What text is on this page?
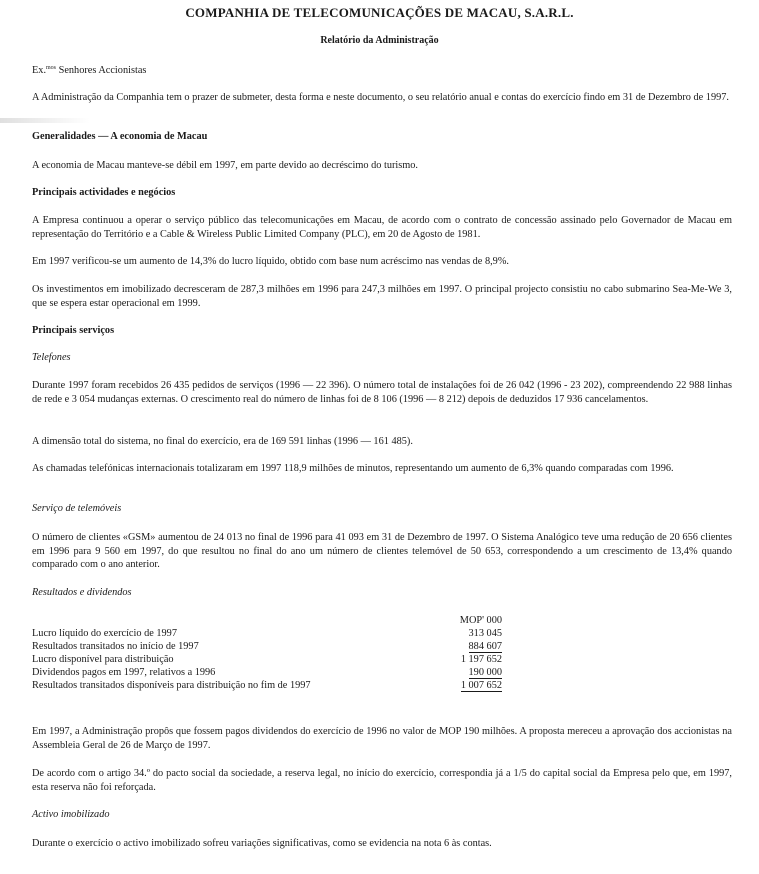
COMPANHIA DE TELECOMUNICAÇÕES DE MACAU, S.A.R.L.
Relatório da Administração
Ex.$^{mos}$ Senhores Accionistas
A Administração da Companhia tem o prazer de submeter, desta forma e neste documento, o seu relatório anual e contas do exercício findo em 31 de Dezembro de 1997.
Generalidades — A economia de Macau
A economia de Macau manteve-se débil em 1997, em parte devido ao decréscimo do turismo.
Principais actividades e negócios
A Empresa continuou a operar o serviço público das telecomunicações em Macau, de acordo com o contrato de concessão assinado pelo Governador de Macau em representação do Território e a Cable & Wireless Public Limited Company (PLC), em 20 de Agosto de 1981.
Em 1997 verificou-se um aumento de 14,3% do lucro líquido, obtido com base num acréscimo nas vendas de 8,9%.
Os investimentos em imobilizado decresceram de 287,3 milhões em 1996 para 247,3 milhões em 1997. O principal projecto consistiu no cabo submarino Sea-Me-We 3, que se espera estar operacional em 1999.
Principais serviços
Telefones
Durante 1997 foram recebidos 26 435 pedidos de serviços (1996 — 22 396). O número total de instalações foi de 26 042 (1996 - 23 202), compreendendo 22 988 linhas de rede e 3 054 mudanças externas. O crescimento real do número de linhas foi de 8 106 (1996 — 8 212) depois de deduzidos 17 936 cancelamentos.
A dimensão total do sistema, no final do exercício, era de 169 591 linhas (1996 — 161 485).
As chamadas telefónicas internacionais totalizaram em 1997 118,9 milhões de minutos, representando um aumento de 6,3% quando comparadas com 1996.
Serviço de telemóveis
O número de clientes «GSM» aumentou de 24 013 no final de 1996 para 41 093 em 31 de Dezembro de 1997. O Sistema Analógico teve uma redução de 20 656 clientes em 1996 para 9 560 em 1997, do que resultou no final do ano um número de clientes telemóvel de 50 653, correspondendo a um crescimento de 13,4% quando comparado com o ano anterior.
Resultados e dividendos
	MOP' 000
Lucro líquido do exercício de 1997	313 045
Resultados transitados no início de 1997	884 607
Lucro disponível para distribuição	1 197 652
Dividendos pagos em 1997, relativos a 1996	190 000
Resultados transitados disponíveis para distribuição no fim de 1997	1 007 652
Em 1997, a Administração propôs que fossem pagos dividendos do exercício de 1996 no valor de MOP 190 milhões. A proposta mereceu a aprovação dos accionistas na Assembleia Geral de 26 de Março de 1997.
De acordo com o artigo 34.º do pacto social da sociedade, a reserva legal, no início do exercício, correspondia já a 1/5 do capital social da Empresa pelo que, em 1997, esta reserva não foi reforçada.
Activo imobilizado
Durante o exercício o activo imobilizado sofreu variações significativas, como se evidencia na nota 6 às contas.
